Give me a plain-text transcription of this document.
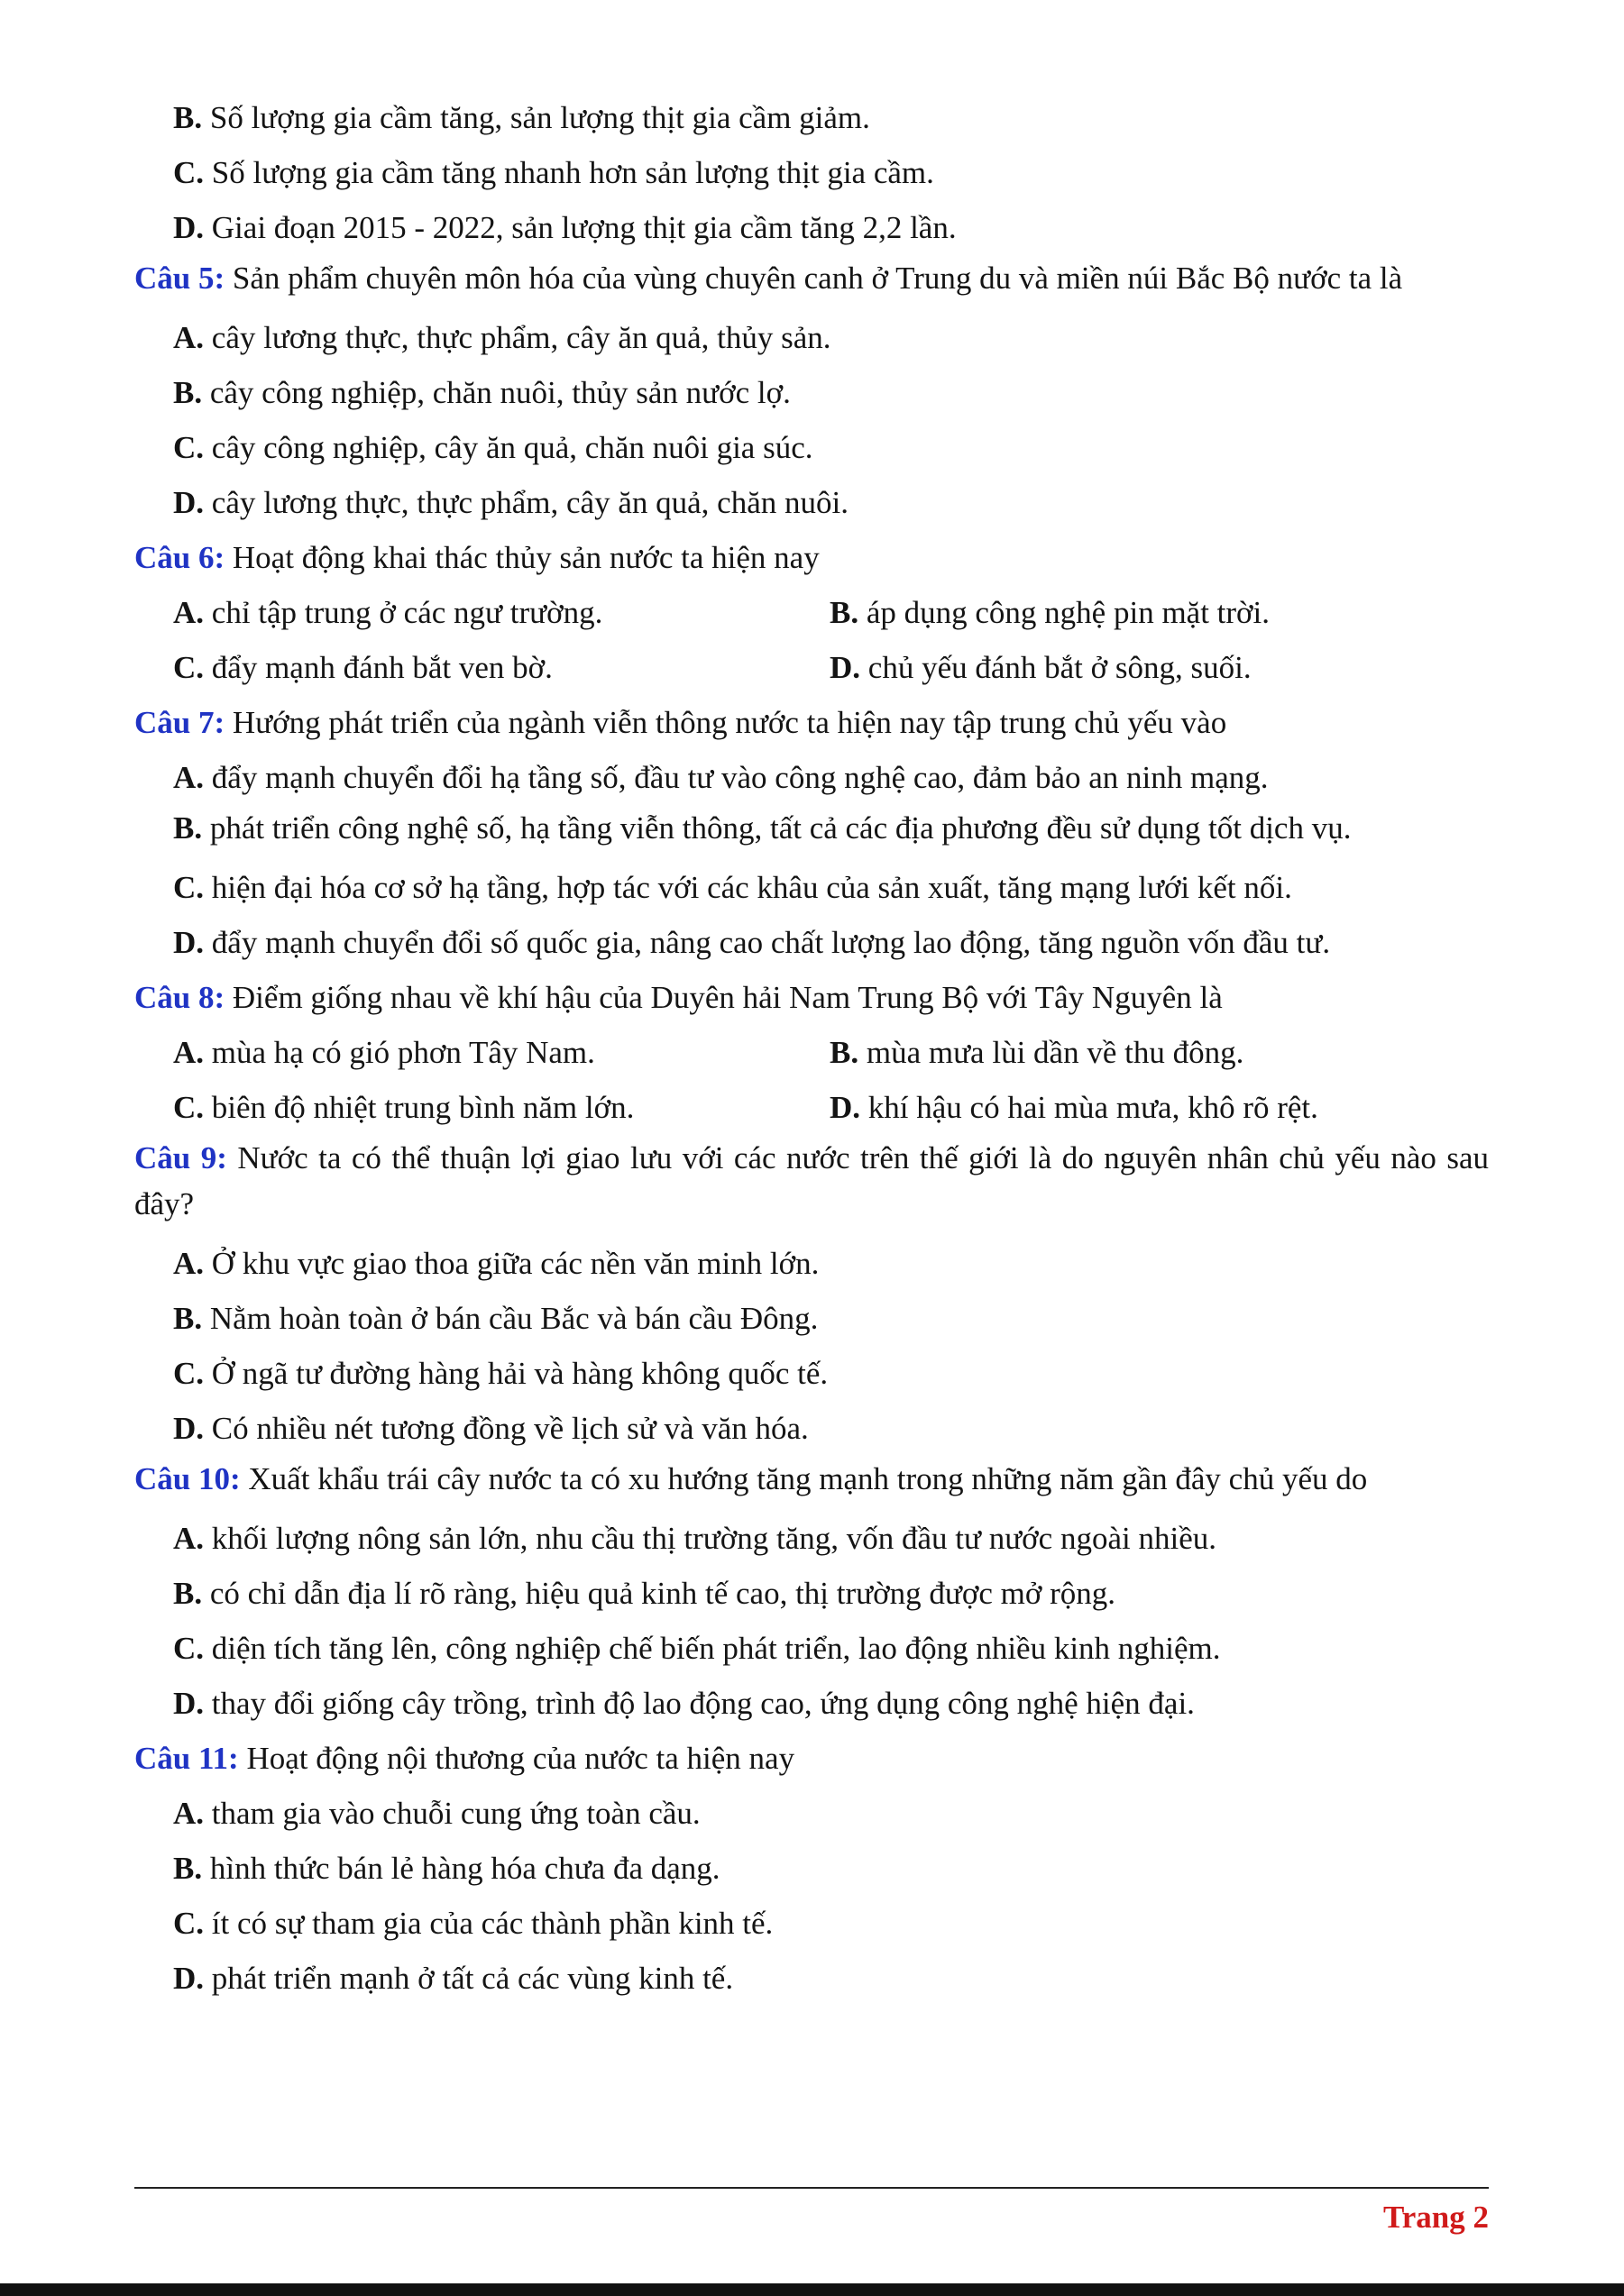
B. Số lượng gia cầm tăng, sản lượng thịt gia cầm giảm.
C. Số lượng gia cầm tăng nhanh hơn sản lượng thịt gia cầm.
D. Giai đoạn 2015 - 2022, sản lượng thịt gia cầm tăng 2,2 lần.
Câu 5: Sản phẩm chuyên môn hóa của vùng chuyên canh ở Trung du và miền núi Bắc Bộ nước ta là
A. cây lương thực, thực phẩm, cây ăn quả, thủy sản.
B. cây công nghiệp, chăn nuôi, thủy sản nước lợ.
C. cây công nghiệp, cây ăn quả, chăn nuôi gia súc.
D. cây lương thực, thực phẩm, cây ăn quả, chăn nuôi.
Câu 6: Hoạt động khai thác thủy sản nước ta hiện nay
A. chỉ tập trung ở các ngư trường.	B. áp dụng công nghệ pin mặt trời.
C. đẩy mạnh đánh bắt ven bờ.	D. chủ yếu đánh bắt ở sông, suối.
Câu 7: Hướng phát triển của ngành viễn thông nước ta hiện nay tập trung chủ yếu vào
A. đẩy mạnh chuyển đổi hạ tầng số, đầu tư vào công nghệ cao, đảm bảo an ninh mạng.
B. phát triển công nghệ số, hạ tầng viễn thông, tất cả các địa phương đều sử dụng tốt dịch vụ.
C. hiện đại hóa cơ sở hạ tầng, hợp tác với các khâu của sản xuất, tăng mạng lưới kết nối.
D. đẩy mạnh chuyển đổi số quốc gia, nâng cao chất lượng lao động, tăng nguồn vốn đầu tư.
Câu 8: Điểm giống nhau về khí hậu của Duyên hải Nam Trung Bộ với Tây Nguyên là
A. mùa hạ có gió phơn Tây Nam.	B. mùa mưa lùi dần về thu đông.
C. biên độ nhiệt trung bình năm lớn.	D. khí hậu có hai mùa mưa, khô rõ rệt.
Câu 9: Nước ta có thể thuận lợi giao lưu với các nước trên thế giới là do nguyên nhân chủ yếu nào sau đây?
A. Ở khu vực giao thoa giữa các nền văn minh lớn.
B. Nằm hoàn toàn ở bán cầu Bắc và bán cầu Đông.
C. Ở ngã tư đường hàng hải và hàng không quốc tế.
D. Có nhiều nét tương đồng về lịch sử và văn hóa.
Câu 10: Xuất khẩu trái cây nước ta có xu hướng tăng mạnh trong những năm gần đây chủ yếu do
A. khối lượng nông sản lớn, nhu cầu thị trường tăng, vốn đầu tư nước ngoài nhiều.
B. có chỉ dẫn địa lí rõ ràng, hiệu quả kinh tế cao, thị trường được mở rộng.
C. diện tích tăng lên, công nghiệp chế biến phát triển, lao động nhiều kinh nghiệm.
D. thay đổi giống cây trồng, trình độ lao động cao, ứng dụng công nghệ hiện đại.
Câu 11: Hoạt động nội thương của nước ta hiện nay
A. tham gia vào chuỗi cung ứng toàn cầu.
B. hình thức bán lẻ hàng hóa chưa đa dạng.
C. ít có sự tham gia của các thành phần kinh tế.
D. phát triển mạnh ở tất cả các vùng kinh tế.
Trang 2
